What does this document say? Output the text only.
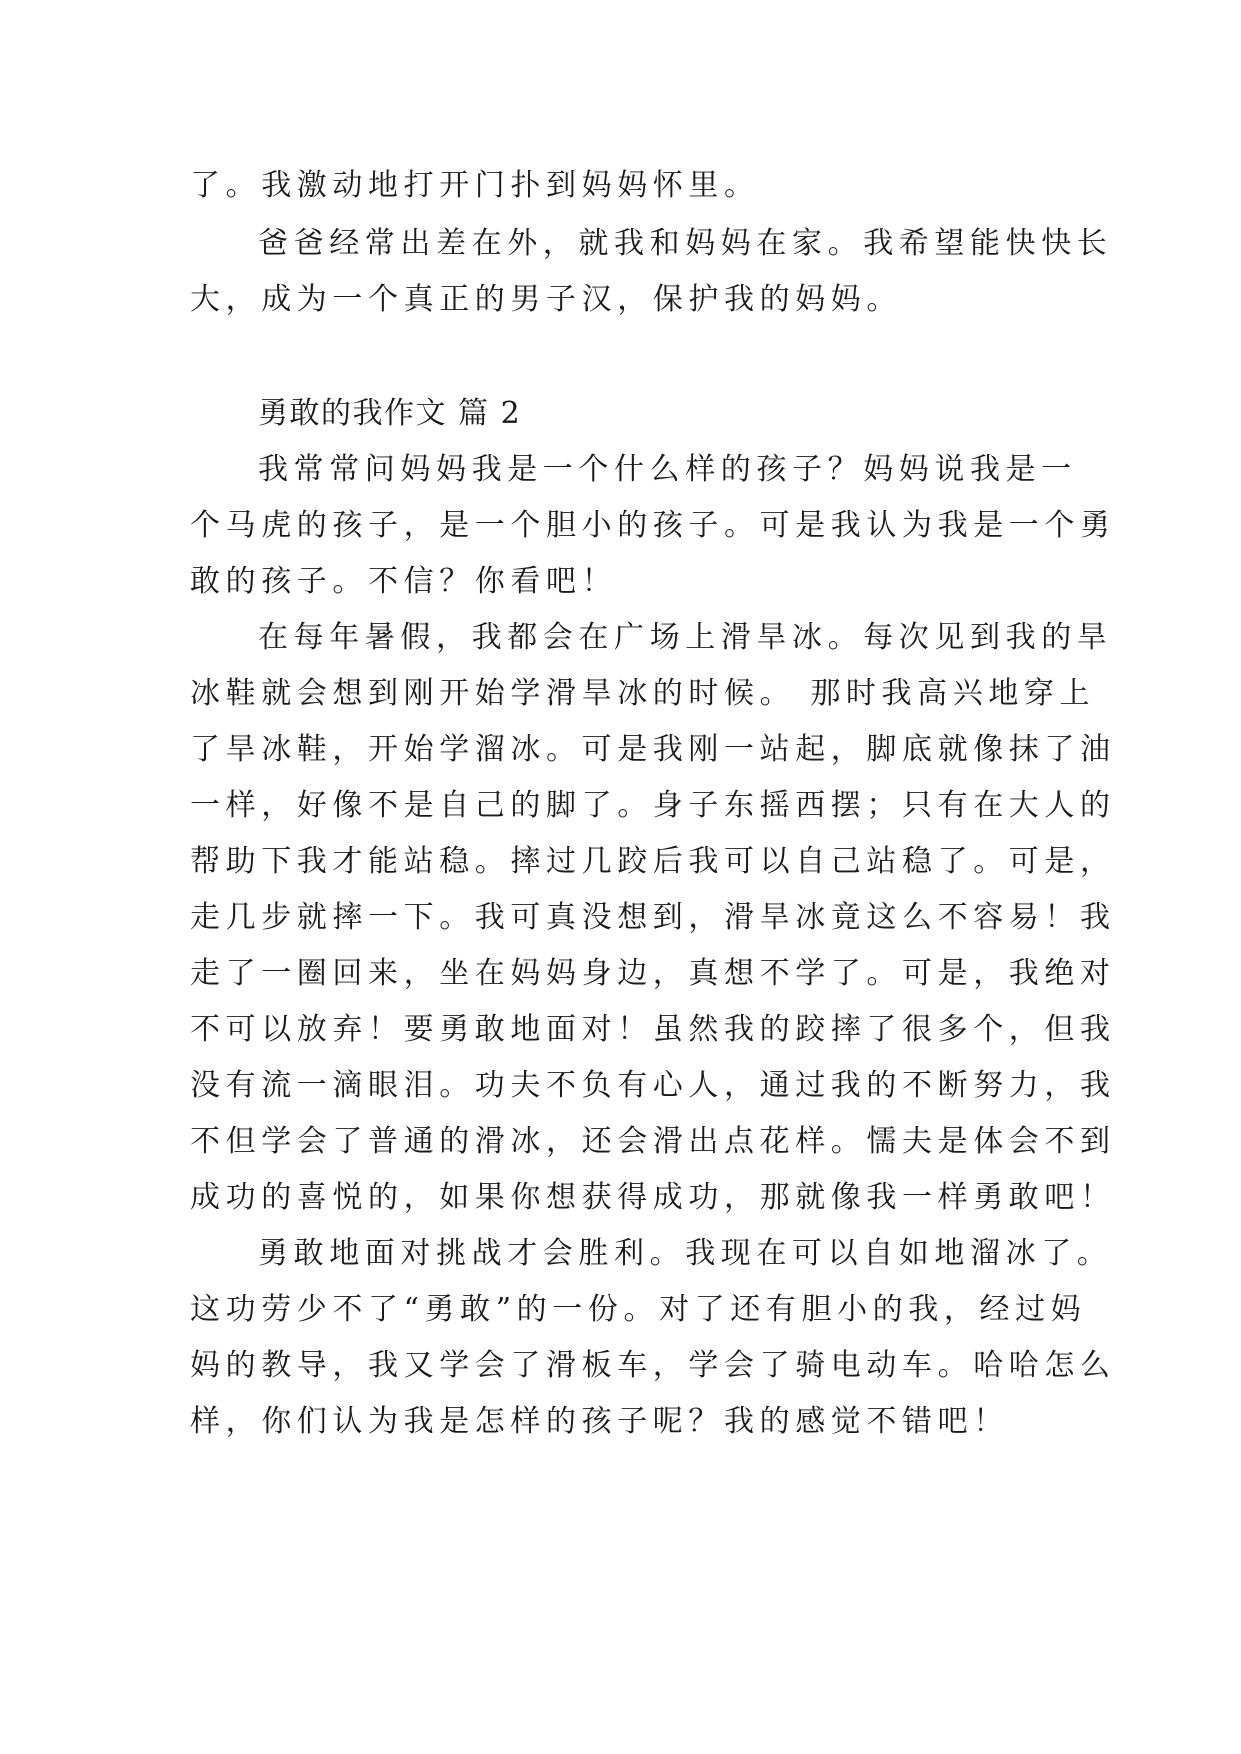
了。我激动地打开门扑到妈妈怀里。
爸爸经常出差在外，就我和妈妈在家。我希望能快快长
大，成为一个真正的男子汉，保护我的妈妈。
勇敢的我作文 篇 2
我常常问妈妈我是一个什么样的孩子？妈妈说我是一
个马虎的孩子，是一个胆小的孩子。可是我认为我是一个勇
敢的孩子。不信？你看吧！
在每年暑假，我都会在广场上滑旱冰。每次见到我的旱
冰鞋就会想到刚开始学滑旱冰的时候。 那时我高兴地穿上
了旱冰鞋，开始学溜冰。可是我刚一站起，脚底就像抹了油
一样，好像不是自己的脚了。身子东摇西摆；只有在大人的
帮助下我才能站稳。摔过几跤后我可以自己站稳了。可是，
走几步就摔一下。我可真没想到，滑旱冰竟这么不容易！我
走了一圈回来，坐在妈妈身边，真想不学了。可是，我绝对
不可以放弃！要勇敢地面对！虽然我的跤摔了很多个，但我
没有流一滴眼泪。功夫不负有心人，通过我的不断努力，我
不但学会了普通的滑冰，还会滑出点花样。懦夫是体会不到
成功的喜悦的，如果你想获得成功，那就像我一样勇敢吧！
勇敢地面对挑战才会胜利。我现在可以自如地溜冰了。
这功劳少不了“勇敢”的一份。对了还有胆小的我，经过妈
妈的教导，我又学会了滑板车，学会了骑电动车。哈哈怎么
样，你们认为我是怎样的孩子呢？我的感觉不错吧！
